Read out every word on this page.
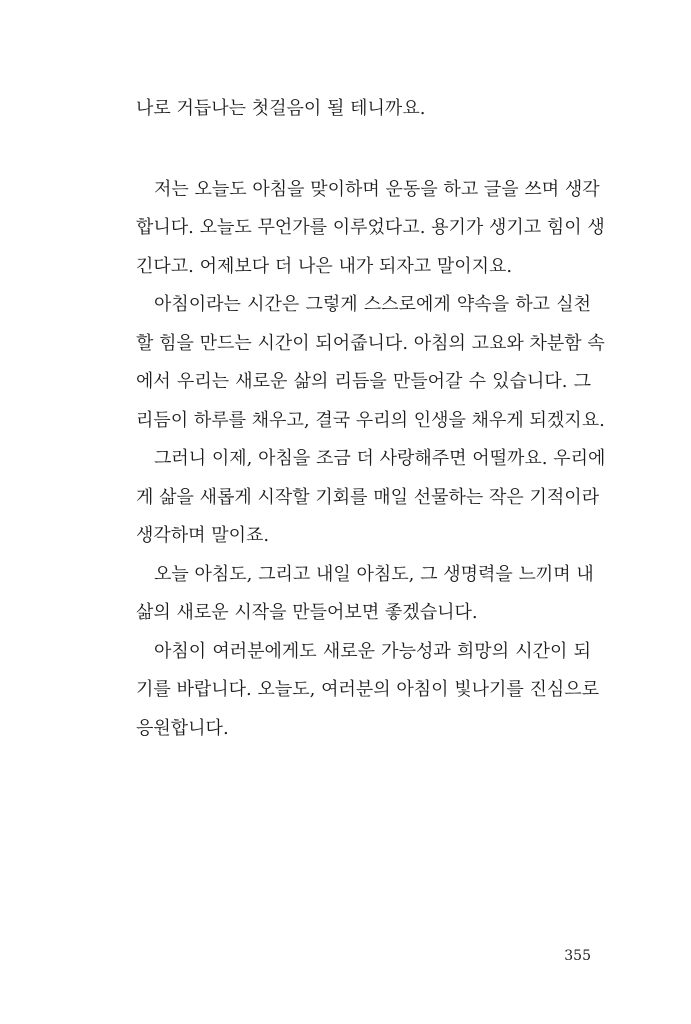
나로 거듭나는 첫걸음이 될 테니까요.
저는 오늘도 아침을 맞이하며 운동을 하고 글을 쓰며 생각
합니다. 오늘도 무언가를 이루었다고. 용기가 생기고 힘이 생
긴다고. 어제보다 더 나은 내가 되자고 말이지요.
아침이라는 시간은 그렇게 스스로에게 약속을 하고 실천
할 힘을 만드는 시간이 되어줍니다. 아침의 고요와 차분함 속
에서 우리는 새로운 삶의 리듬을 만들어갈 수 있습니다. 그
리듬이 하루를 채우고, 결국 우리의 인생을 채우게 되겠지요.
그러니 이제, 아침을 조금 더 사랑해주면 어떨까요. 우리에
게 삶을 새롭게 시작할 기회를 매일 선물하는 작은 기적이라
생각하며 말이죠.
오늘 아침도, 그리고 내일 아침도, 그 생명력을 느끼며 내
삶의 새로운 시작을 만들어보면 좋겠습니다.
아침이 여러분에게도 새로운 가능성과 희망의 시간이 되
기를 바랍니다. 오늘도, 여러분의 아침이 빛나기를 진심으로
응원합니다.
355
